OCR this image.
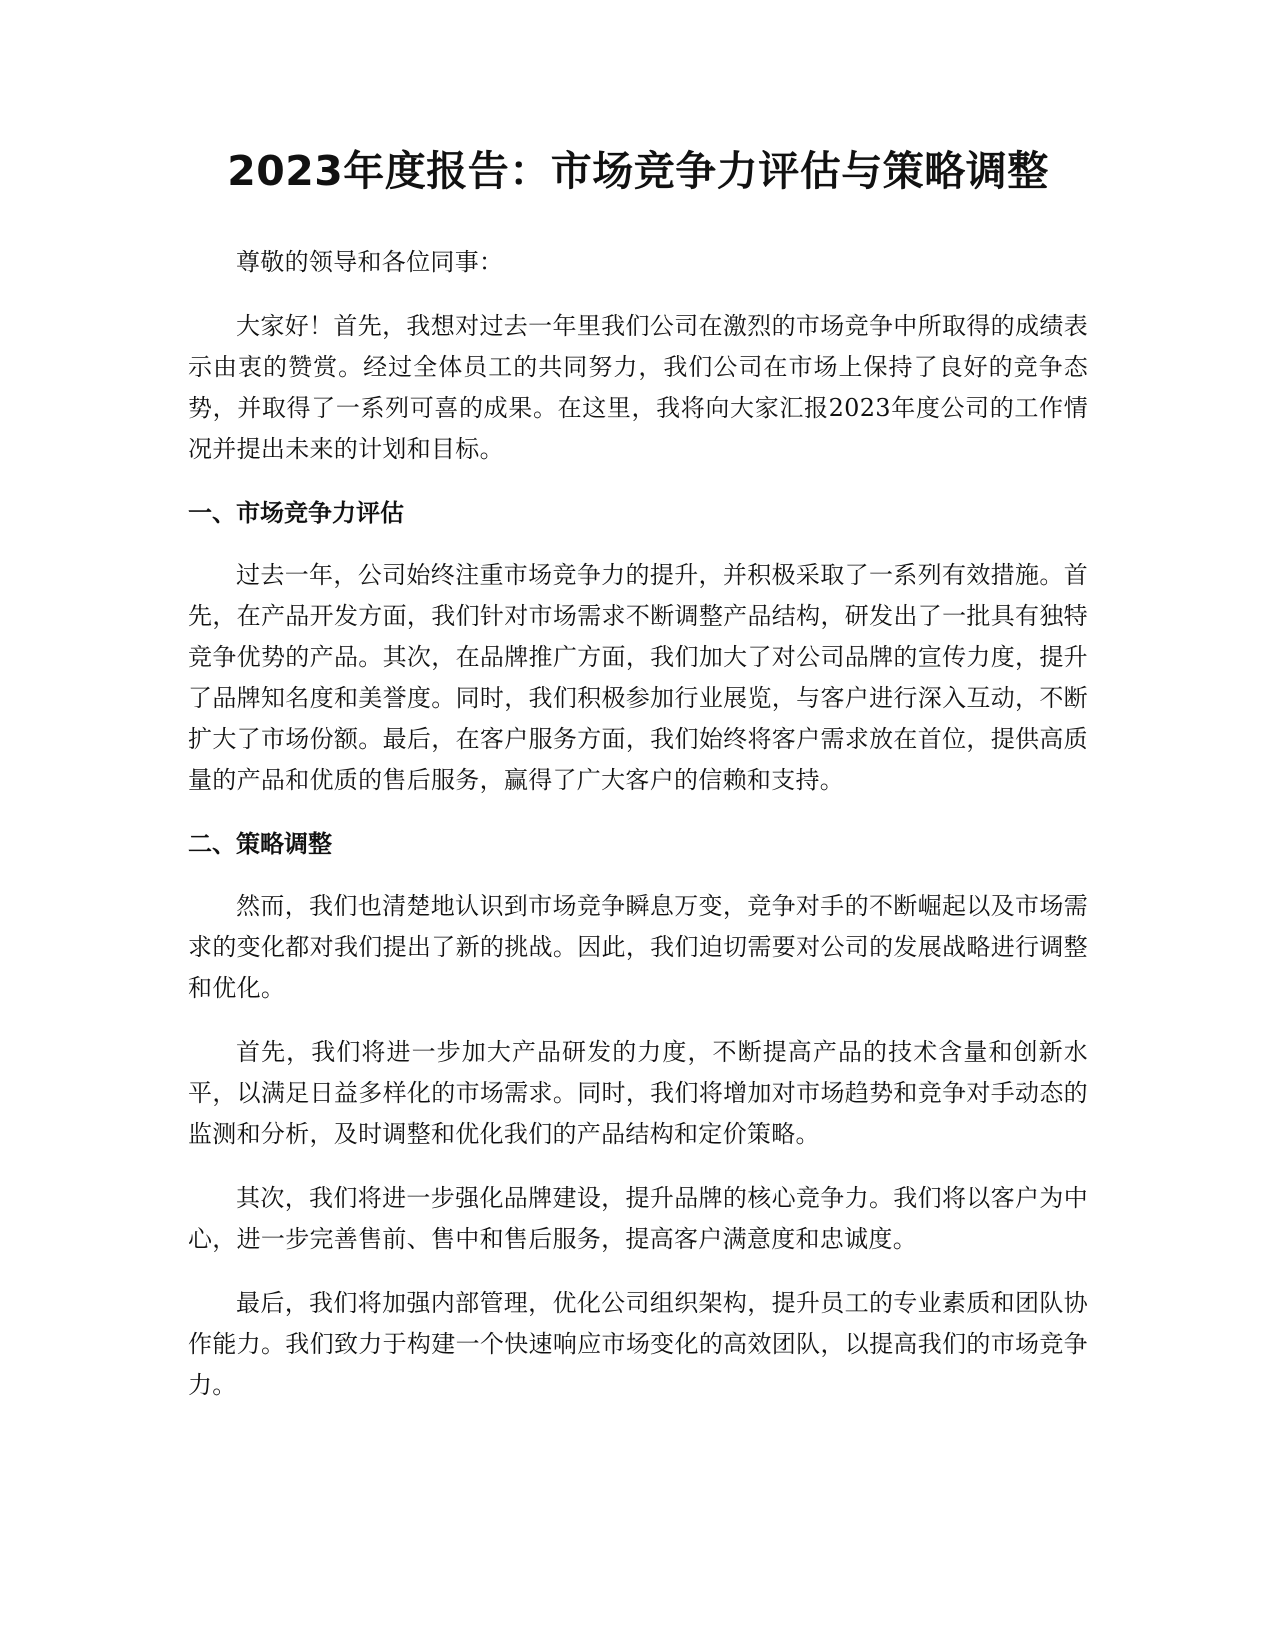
2023年度报告：市场竞争力评估与策略调整

尊敬的领导和各位同事：

大家好！首先，我想对过去一年里我们公司在激烈的市场竞争中所取得的成绩表示由衷的赞赏。经过全体员工的共同努力，我们公司在市场上保持了良好的竞争态势，并取得了一系列可喜的成果。在这里，我将向大家汇报2023年度公司的工作情况并提出未来的计划和目标。

一、市场竞争力评估

过去一年，公司始终注重市场竞争力的提升，并积极采取了一系列有效措施。首先，在产品开发方面，我们针对市场需求不断调整产品结构，研发出了一批具有独特竞争优势的产品。其次，在品牌推广方面，我们加大了对公司品牌的宣传力度，提升了品牌知名度和美誉度。同时，我们积极参加行业展览，与客户进行深入互动，不断扩大了市场份额。最后，在客户服务方面，我们始终将客户需求放在首位，提供高质量的产品和优质的售后服务，赢得了广大客户的信赖和支持。

二、策略调整

然而，我们也清楚地认识到市场竞争瞬息万变，竞争对手的不断崛起以及市场需求的变化都对我们提出了新的挑战。因此，我们迫切需要对公司的发展战略进行调整和优化。

首先，我们将进一步加大产品研发的力度，不断提高产品的技术含量和创新水平，以满足日益多样化的市场需求。同时，我们将增加对市场趋势和竞争对手动态的监测和分析，及时调整和优化我们的产品结构和定价策略。

其次，我们将进一步强化品牌建设，提升品牌的核心竞争力。我们将以客户为中心，进一步完善售前、售中和售后服务，提高客户满意度和忠诚度。

最后，我们将加强内部管理，优化公司组织架构，提升员工的专业素质和团队协作能力。我们致力于构建一个快速响应市场变化的高效团队，以提高我们的市场竞争力。
